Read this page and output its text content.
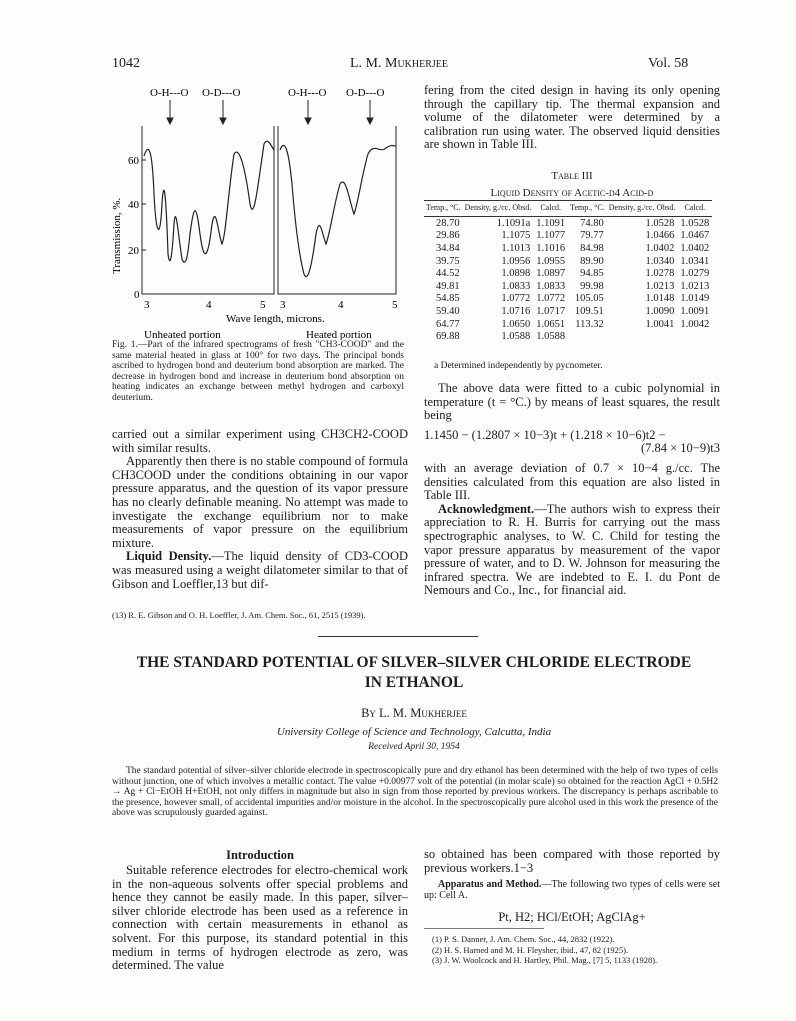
1042	L. M. Mukherjee	Vol. 58
O-H---O O-D---O	O-H---O O-D---O
Transmission, %.
60
40
20
0
3	4	5 3	4	5
Wave length, microns.
Unheated portion	Heated portion
Fig. 1.—Part of the infrared spectrograms of fresh "CH3-COOD" and the same material heated in glass at 100° for two days. The principal bonds ascribed to hydrogen bond and deuterium bond absorption are marked. The decrease in hydrogen bond and increase in deuterium bond absorption on heating indicates an exchange between methyl hydrogen and carboxyl deuterium.

carried out a similar experiment using CH3CH2-COOD with similar results.

Apparently then there is no stable compound of formula CH3COOD under the conditions obtaining in our vapor pressure apparatus, and the question of its vapor pressure has no clearly definable meaning. No attempt was made to investigate the exchange equilibrium nor to make measurements of vapor pressure on the equilibrium mixture.

Liquid Density.—The liquid density of CD3-COOD was measured using a weight dilatometer similar to that of Gibson and Loeffler,13 but dif-

(13) R. E. Gibson and O. H. Loeffler, J. Am. Chem. Soc., 61, 2515 (1939).
fering from the cited design in having its only opening through the capillary tip. The thermal expansion and volume of the dilatometer were determined by a calibration run using water. The observed liquid densities are shown in Table III.
Table III
Liquid Density of Acetic-d4 Acid-d
Temp., °C.	Density, g./cc. Obsd.	Calcd.	Temp., °C.	Density, g./cc. Obsd.	Calcd.
28.70	1.1091a	1.1091	74.80	1.0528	1.0528
29.86	1.1075	1.1077	79.77	1.0466	1.0467
34.84	1.1013	1.1016	84.98	1.0402	1.0402
39.75	1.0956	1.0955	89.90	1.0340	1.0341
44.52	1.0898	1.0897	94.85	1.0278	1.0279
49.81	1.0833	1.0833	99.98	1.0213	1.0213
54.85	1.0772	1.0772	105.05	1.0148	1.0149
59.40	1.0716	1.0717	109.51	1.0090	1.0091
64.77	1.0650	1.0651	113.32	1.0041	1.0042
69.88	1.0588	1.0588			
a Determined independently by pycnometer.

The above data were fitted to a cubic polynomial in temperature (t = °C.) by means of least squares, the result being

1.1450 − (1.2807 × 10−3)t + (1.218 × 10−6)t2 −

(7.84 × 10−9)t3

with an average deviation of 0.7 × 10−4 g./cc. The densities calculated from this equation are also listed in Table III.

Acknowledgment.—The authors wish to express their appreciation to R. H. Burris for carrying out the mass spectrographic analyses, to W. C. Child for testing the vapor pressure apparatus by measurement of the vapor pressure of water, and to D. W. Johnson for measuring the infrared spectra. We are indebted to E. I. du Pont de Nemours and Co., Inc., for financial aid.

THE STANDARD POTENTIAL OF SILVER–SILVER CHLORIDE ELECTRODE
IN ETHANOL
By L. M. Mukherjee
University College of Science and Technology, Calcutta, India
Received April 30, 1954
The standard potential of silver–silver chloride electrode in spectroscopically pure and dry ethanol has been determined with the help of two types of cells without junction, one of which involves a metallic contact. The value +0.00977 volt of the potential (in molar scale) so obtained for the reaction AgCl + 0.5H2 → Ag + Cl−EtOH H+EtOH, not only differs in magnitude but also in sign from those reported by previous workers. The discrepancy is perhaps ascribable to the presence, however small, of accidental impurities and/or moisture in the alcohol. In the spectroscopically pure alcohol used in this work the presence of the above was scrupulously guarded against.
Introduction
Suitable reference electrodes for electro-chemical work in the non-aqueous solvents offer special problems and hence they cannot be easily made. In this paper, silver–silver chloride electrode has been used as a reference in connection with certain measurements in ethanol as solvent. For this purpose, its standard potential in this medium in terms of hydrogen electrode as zero, was determined. The value

so obtained has been compared with those reported by previous workers.1−3

Apparatus and Method.—The following two types of cells were set up: Cell A.

Pt, H2; HCl/EtOH; AgClAg+

(1) P. S. Danner, J. Am. Chem. Soc., 44, 2832 (1922).

(2) H. S. Harned and M. H. Fleysher, ibid., 47, 82 (1925).

(3) J. W. Woolcock and H. Hartley, Phil. Mag., [7] 5, 1133 (1928).
